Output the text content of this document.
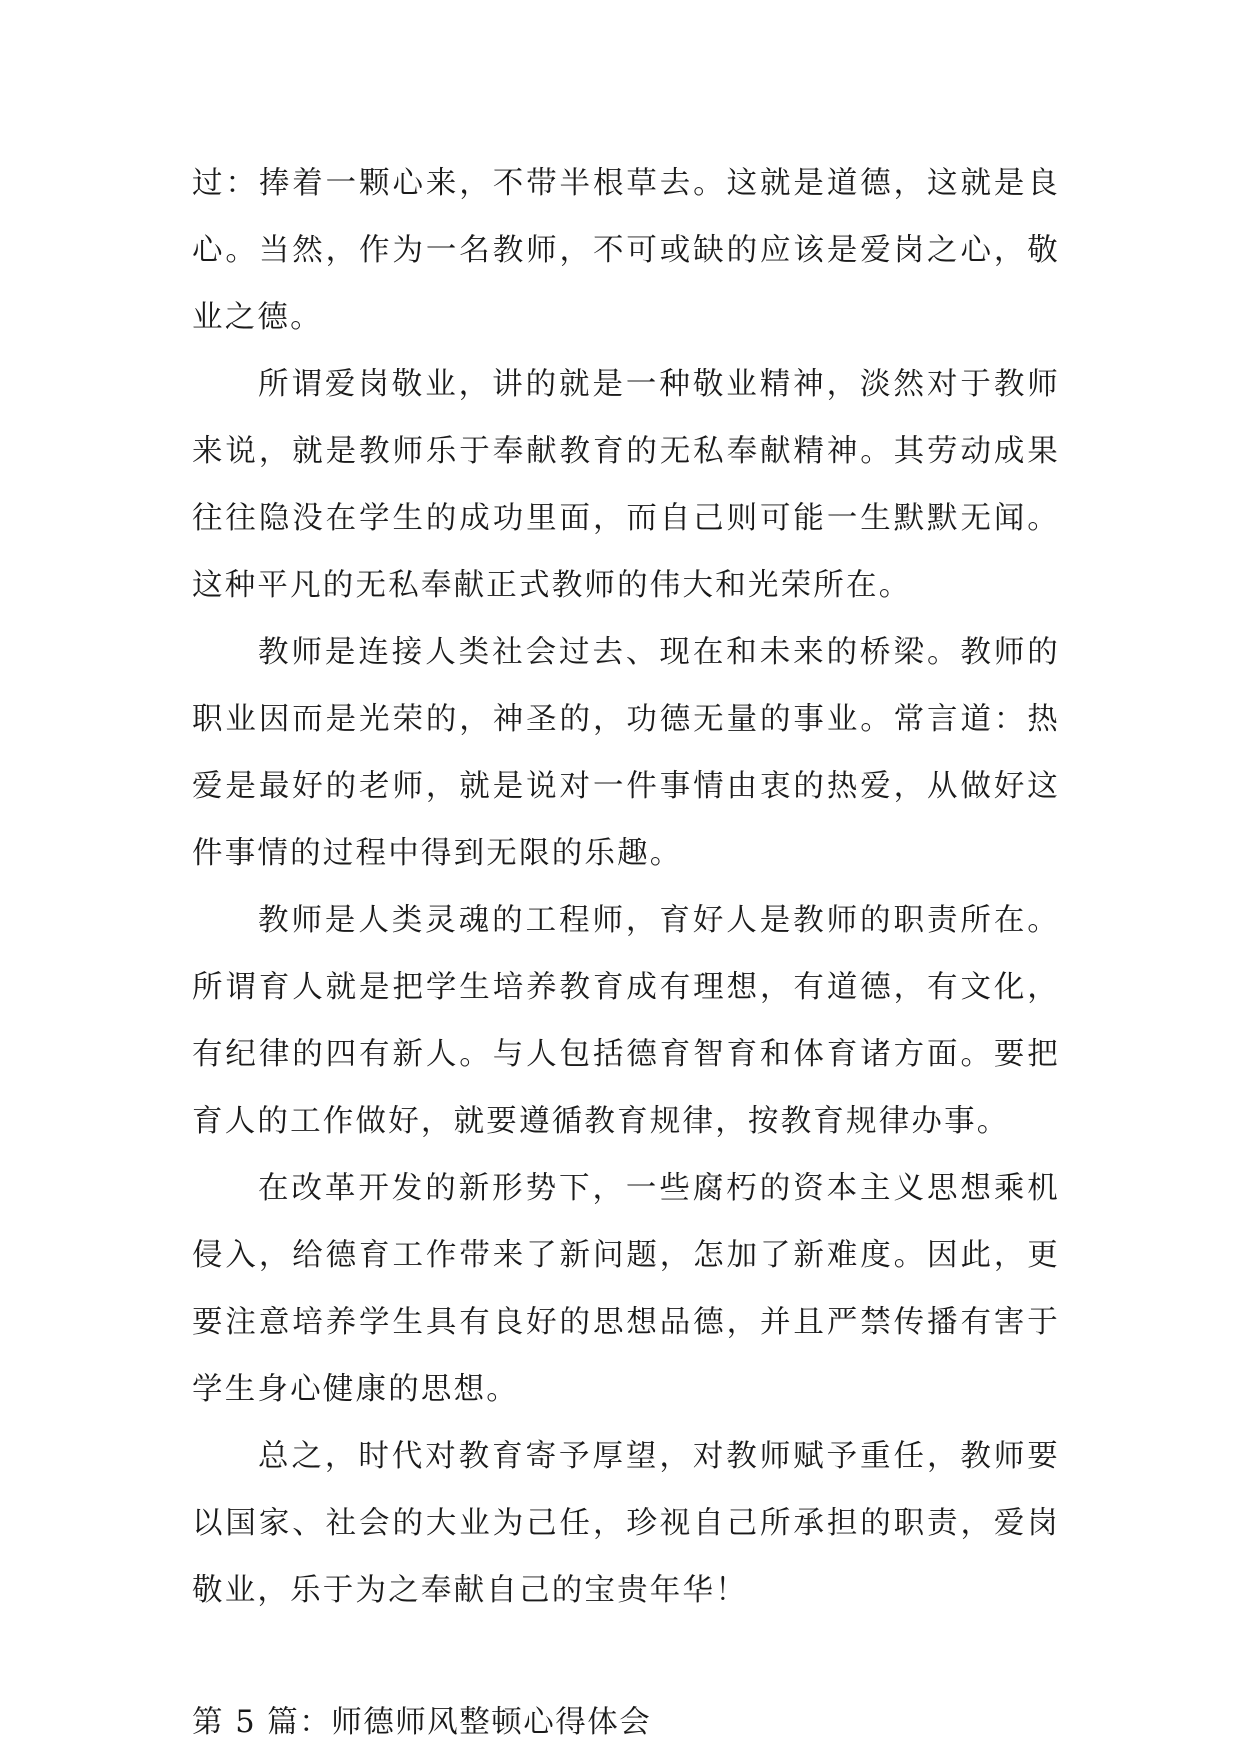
过：捧着一颗心来，不带半根草去。这就是道德，这就是良心。当然，作为一名教师，不可或缺的应该是爱岗之心，敬业之德。

所谓爱岗敬业，讲的就是一种敬业精神，淡然对于教师来说，就是教师乐于奉献教育的无私奉献精神。其劳动成果往往隐没在学生的成功里面，而自己则可能一生默默无闻。这种平凡的无私奉献正式教师的伟大和光荣所在。

教师是连接人类社会过去、现在和未来的桥梁。教师的职业因而是光荣的，神圣的，功德无量的事业。常言道：热爱是最好的老师，就是说对一件事情由衷的热爱，从做好这件事情的过程中得到无限的乐趣。

教师是人类灵魂的工程师，育好人是教师的职责所在。所谓育人就是把学生培养教育成有理想，有道德，有文化，有纪律的四有新人。与人包括德育智育和体育诸方面。要把育人的工作做好，就要遵循教育规律，按教育规律办事。

在改革开发的新形势下，一些腐朽的资本主义思想乘机侵入，给德育工作带来了新问题，怎加了新难度。因此，更要注意培养学生具有良好的思想品德，并且严禁传播有害于学生身心健康的思想。

总之，时代对教育寄予厚望，对教师赋予重任，教师要以国家、社会的大业为己任，珍视自己所承担的职责，爱岗敬业，乐于为之奉献自己的宝贵年华！

第 5 篇：师德师风整顿心得体会
